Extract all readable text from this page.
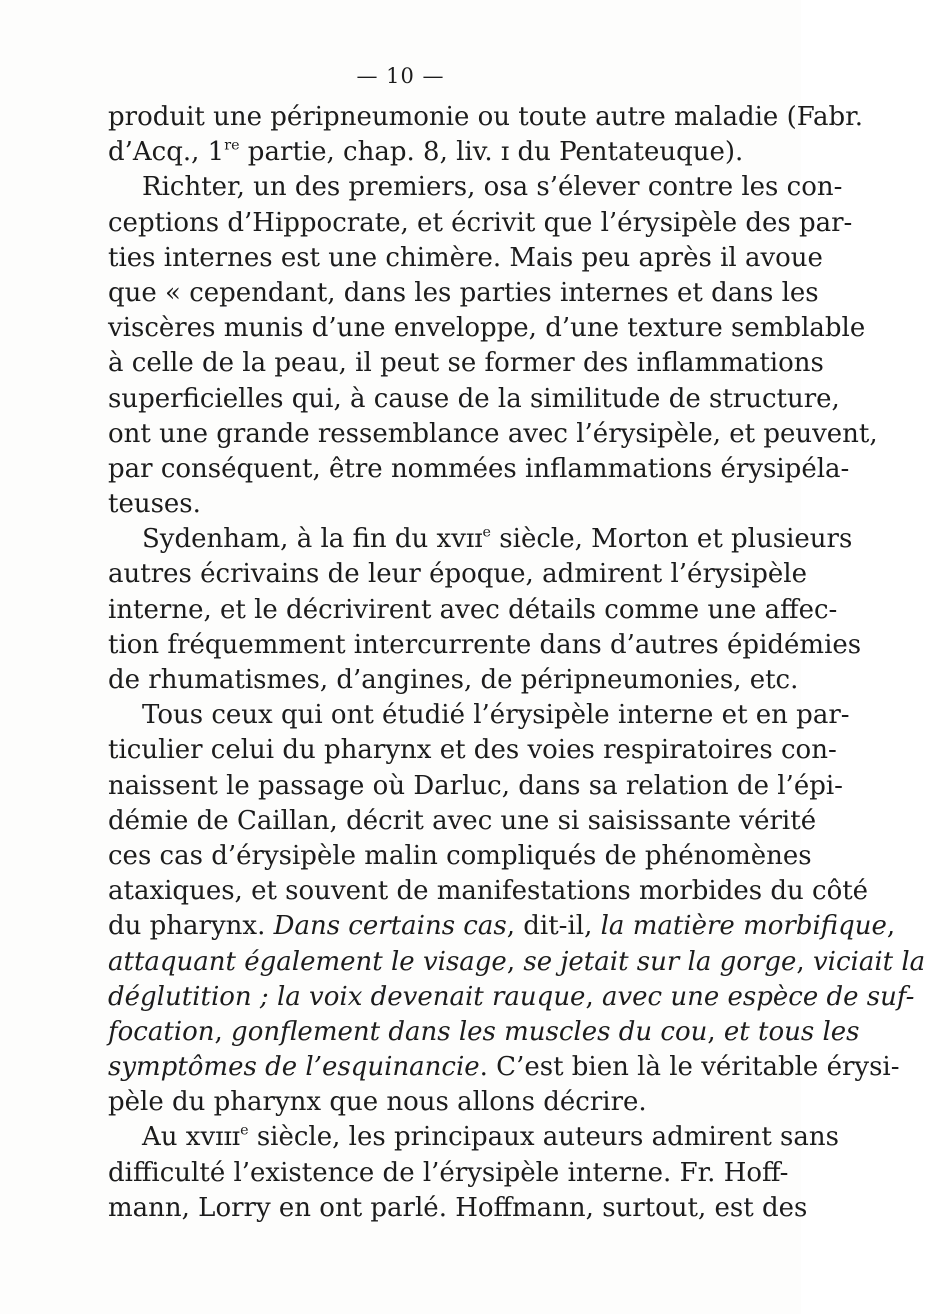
— 10 —
produit une péripneumonie ou toute autre maladie (Fabr.
d’Acq., 1re partie, chap. 8, liv. ɪ du Pentateuque).
Richter, un des premiers, osa s’élever contre les con-
ceptions d’Hippocrate, et écrivit que l’érysipèle des par-
ties internes est une chimère. Mais peu après il avoue
que « cependant, dans les parties internes et dans les
viscères munis d’une enveloppe, d’une texture semblable
à celle de la peau, il peut se former des inflammations
superficielles qui, à cause de la similitude de structure,
ont une grande ressemblance avec l’érysipèle, et peuvent,
par conséquent, être nommées inflammations érysipéla-
teuses.
Sydenham, à la fin du xvɪɪ$^e$ siècle, Morton et plusieurs
autres écrivains de leur époque, admirent l’érysipèle
interne, et le décrivirent avec détails comme une affec-
tion fréquemment intercurrente dans d’autres épidémies
de rhumatismes, d’angines, de péripneumonies, etc.
Tous ceux qui ont étudié l’érysipèle interne et en par-
ticulier celui du pharynx et des voies respiratoires con-
naissent le passage où Darluc, dans sa relation de l’épi-
démie de Caillan, décrit avec une si saisissante vérité
ces cas d’érysipèle malin compliqués de phénomènes
ataxiques, et souvent de manifestations morbides du côté
du pharynx. Dans certains cas, dit-il, la matière morbifique,
attaquant également le visage, se jetait sur la gorge, viciait la
déglutition ; la voix devenait rauque, avec une espèce de suf-
focation, gonflement dans les muscles du cou, et tous les
symptômes de l’esquinancie. C’est bien là le véritable érysi-
pèle du pharynx que nous allons décrire.
Au xvɪɪɪ$^e$ siècle, les principaux auteurs admirent sans
difficulté l’existence de l’érysipèle interne. Fr. Hoff-
mann, Lorry en ont parlé. Hoffmann, surtout, est des
